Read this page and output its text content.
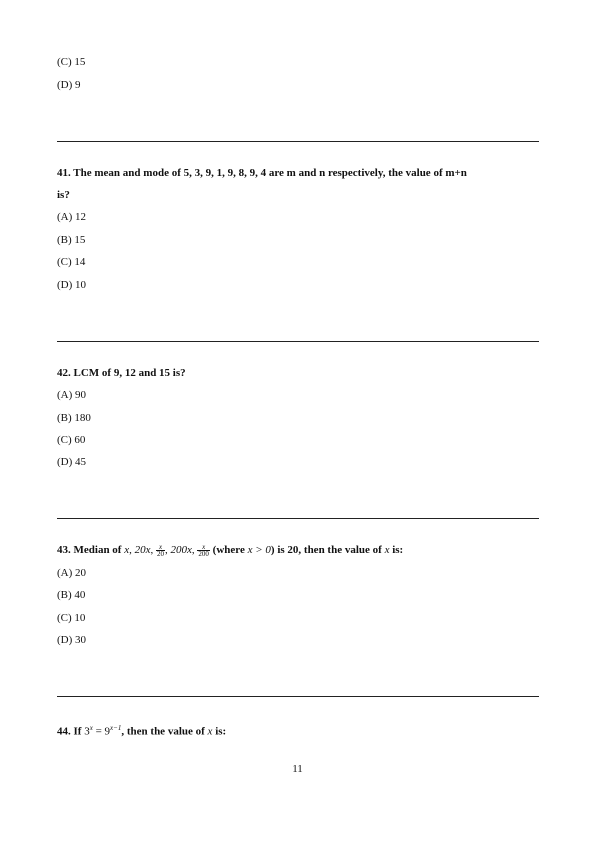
(C) 15
(D) 9
41. The mean and mode of 5, 3, 9, 1, 9, 8, 9, 4 are m and n respectively, the value of m+n
is?
(A) 12
(B) 15
(C) 14
(D) 10
42. LCM of 9, 12 and 15 is?
(A) 90
(B) 180
(C) 60
(D) 45
43. Median of x, 20x, $\frac{x}{20}$ , 200x, $\frac{x}{200}$ (where x > 0) is 20, then the value of x is:
(A) 20
(B) 40
(C) 10
(D) 30
44. If $3^x = 9^{x-1}$, then the value of x is:
11
